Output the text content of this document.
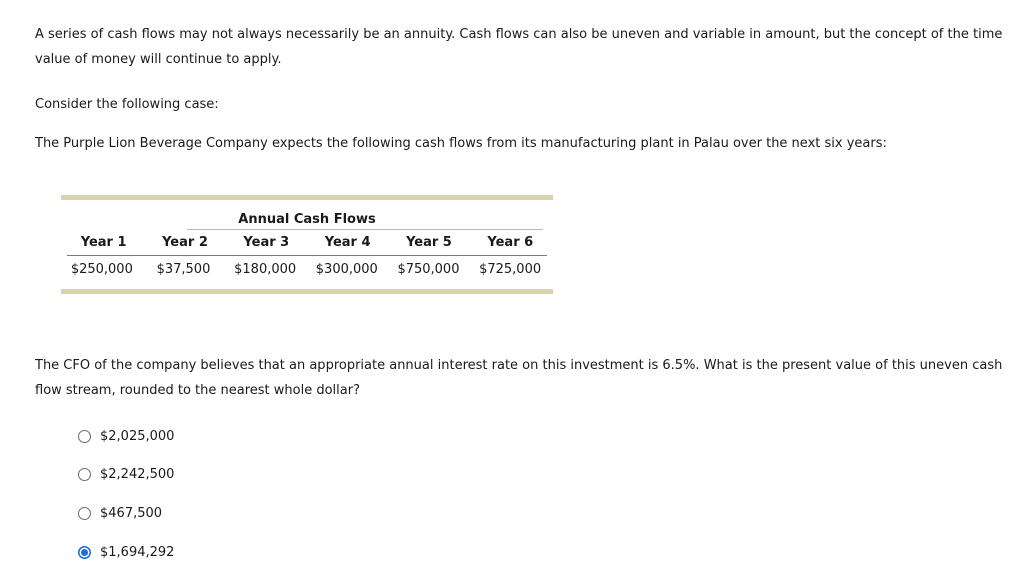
A series of cash flows may not always necessarily be an annuity. Cash flows can also be uneven and variable in amount, but the concept of the time value of money will continue to apply.

Consider the following case:

The Purple Lion Beverage Company expects the following cash flows from its manufacturing plant in Palau over the next six years:

Annual Cash Flows
Year 1	Year 2	Year 3	Year 4	Year 5	Year 6
$250,000	$37,500	$180,000	$300,000	$750,000	$725,000

The CFO of the company believes that an appropriate annual interest rate on this investment is 6.5%. What is the present value of this uneven cash flow stream, rounded to the nearest whole dollar?

$2,025,000
$2,242,500
$467,500
$1,694,292
